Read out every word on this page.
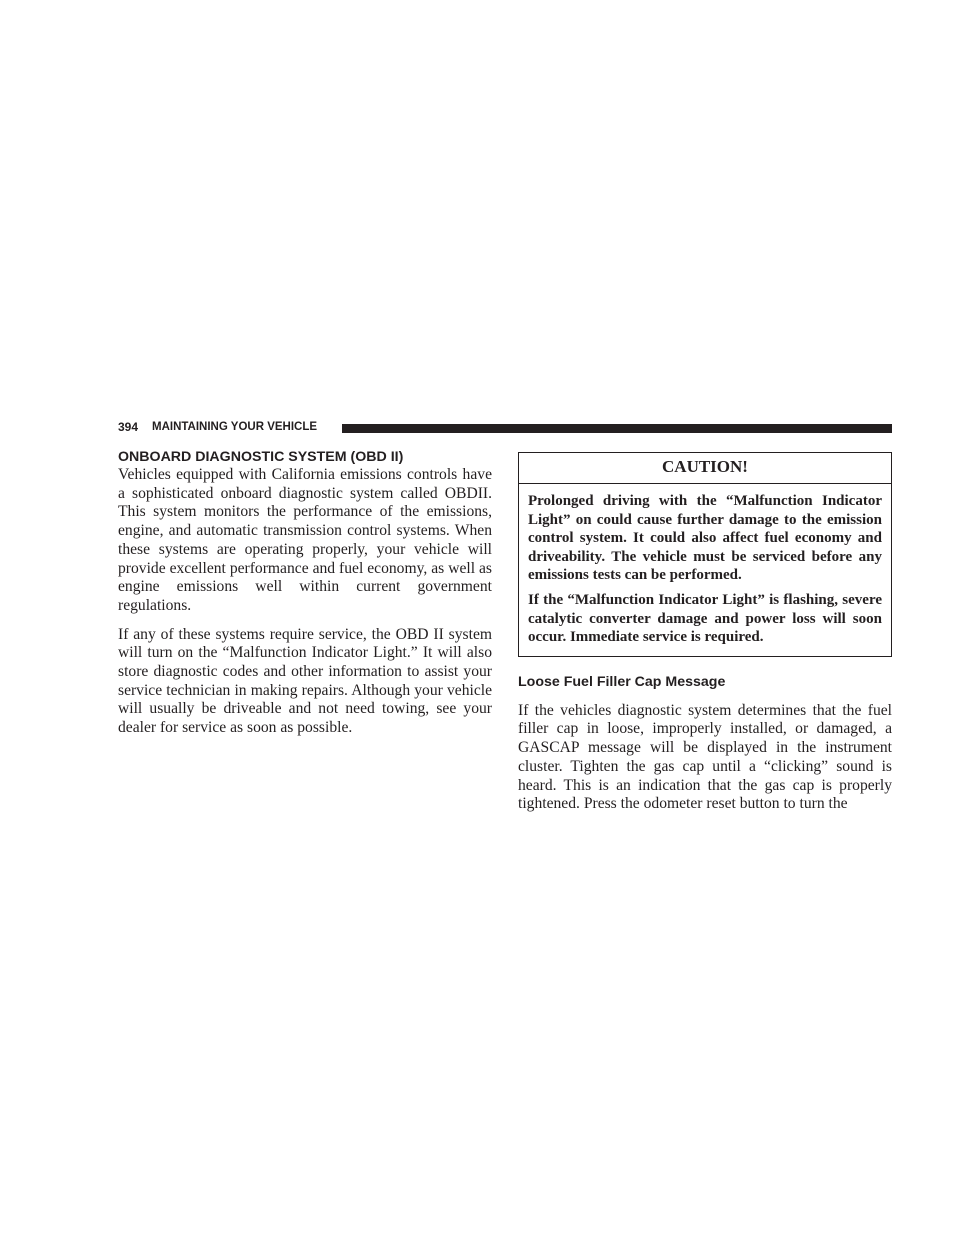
394 MAINTAINING YOUR VEHICLE
ONBOARD DIAGNOSTIC SYSTEM (OBD II)

Vehicles equipped with California emissions controls have a sophisticated onboard diagnostic system called OBDII. This system monitors the performance of the emissions, engine, and automatic transmission control systems. When these systems are operating properly, your vehicle will provide excellent performance and fuel economy, as well as engine emissions well within current government regulations.

If any of these systems require service, the OBD II system will turn on the “Malfunction Indicator Light.” It will also store diagnostic codes and other information to assist your service technician in making repairs. Although your vehicle will usually be driveable and not need towing, see your dealer for service as soon as possible.

CAUTION!

Prolonged driving with the “Malfunction Indicator Light” on could cause further damage to the emission control system. It could also affect fuel economy and driveability. The vehicle must be serviced before any emissions tests can be performed.

If the “Malfunction Indicator Light” is flashing, severe catalytic converter damage and power loss will soon occur. Immediate service is required.

Loose Fuel Filler Cap Message

If the vehicles diagnostic system determines that the fuel filler cap in loose, improperly installed, or damaged, a GASCAP message will be displayed in the instrument cluster. Tighten the gas cap until a “clicking” sound is heard. This is an indication that the gas cap is properly tightened. Press the odometer reset button to turn the
